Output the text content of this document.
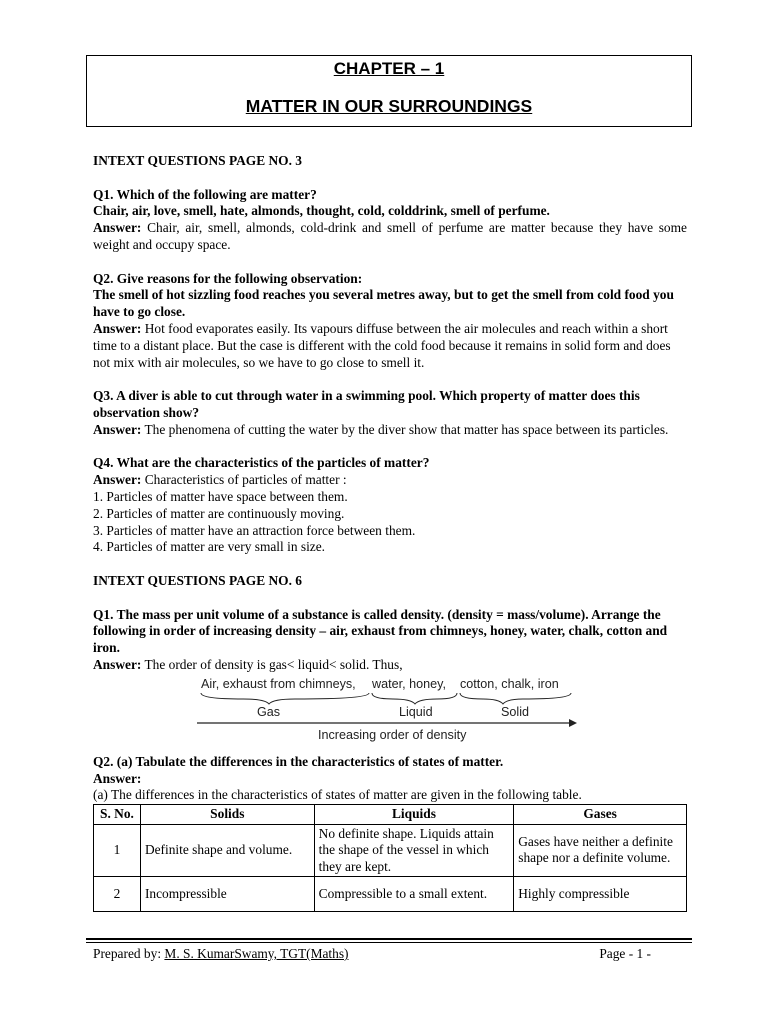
CHAPTER – 1
MATTER IN OUR SURROUNDINGS

INTEXT QUESTIONS PAGE NO. 3

Q1. Which of the following are matter?

Chair, air, love, smell, hate, almonds, thought, cold, colddrink, smell of perfume.

Answer: Chair, air, smell, almonds, cold-drink and smell of perfume are matter because they have some weight and occupy space.

Q2. Give reasons for the following observation:

The smell of hot sizzling food reaches you several metres away, but to get the smell from cold food you have to go close.

Answer: Hot food evaporates easily. Its vapours diffuse between the air molecules and reach within a short time to a distant place. But the case is different with the cold food because it remains in solid form and does not mix with air molecules, so we have to go close to smell it.

Q3. A diver is able to cut through water in a swimming pool. Which property of matter does this observation show?

Answer: The phenomena of cutting the water by the diver show that matter has space between its particles.

Q4. What are the characteristics of the particles of matter?

Answer: Characteristics of particles of matter :

1. Particles of matter have space between them.

2. Particles of matter are continuously moving.

3. Particles of matter have an attraction force between them.

4. Particles of matter are very small in size.

INTEXT QUESTIONS PAGE NO. 6

Q1. The mass per unit volume of a substance is called density. (density = mass/volume). Arrange the following in order of increasing density – air, exhaust from chimneys, honey, water, chalk, cotton and iron.

Answer: The order of density is gas< liquid< solid. Thus,

Air, exhaust from chimneys, water, honey, cotton, chalk, iron
Gas	Liquid	Solid
Increasing order of density

Q2. (a) Tabulate the differences in the characteristics of states of matter.

Answer:

(a) The differences in the characteristics of states of matter are given in the following table.

S. No.	Solids	Liquids	Gases
1	Definite shape and volume.	No definite shape. Liquids attain the shape of the vessel in which they are kept.	Gases have neither a definite shape nor a definite volume.
2	Incompressible	Compressible to a small extent.	Highly compressible
Prepared by: M. S. KumarSwamy, TGT(Maths)	Page - 1 -
